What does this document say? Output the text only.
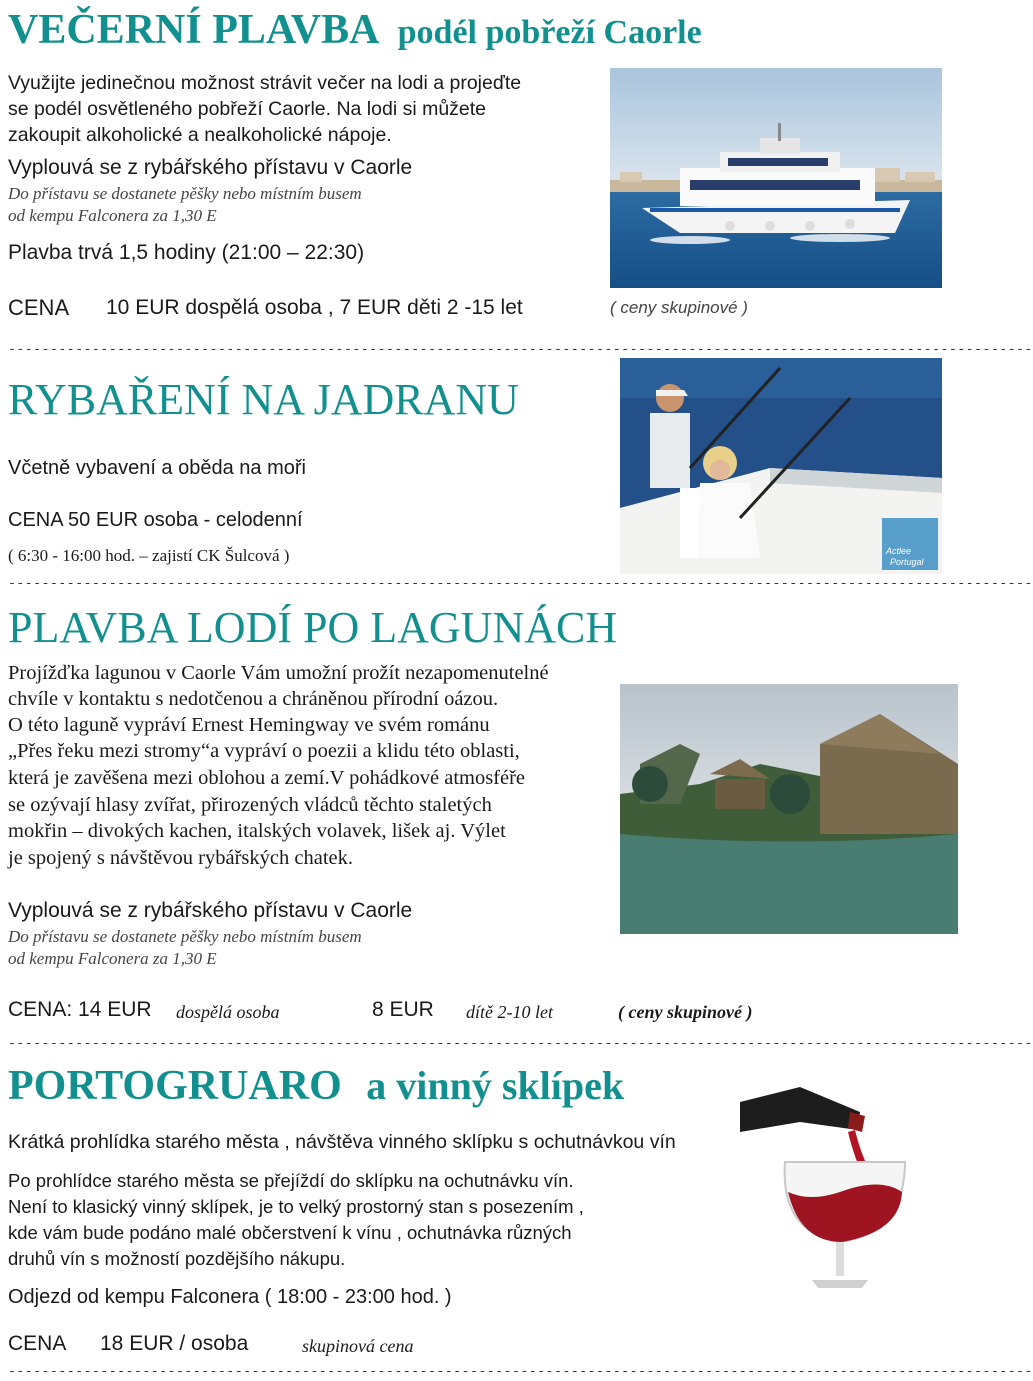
VEČERNÍ PLAVBA podél pobřeží Caorle
Využijte jedinečnou možnost strávit večer na lodi a projeďte
se podél osvětleného pobřeží Caorle. Na lodi si můžete
zakoupit alkoholické a nealkoholické nápoje.
Vyplouvá se z rybářského přístavu v Caorle
Do přístavu se dostanete pěšky nebo místním busem
od kempu Falconera za 1,30 E
Plavba trvá 1,5 hodiny (21:00 – 22:30)
CENA 10 EUR dospělá osoba , 7 EUR děti 2 -15 let	( ceny skupinové )
--------------------------------------------------------------------------------------------------------------------------
RYBAŘENÍ NA JADRANU
Včetně vybavení a oběda na moři
CENA 50 EUR osoba - celodenní
( 6:30 - 16:00 hod. – zajistí CK Šulcová )	Actlee
Portugal
--------------------------------------------------------------------------------------------------------------------------
PLAVBA LODÍ PO LAGUNÁCH
Projížďka lagunou v Caorle Vám umožní prožít nezapomenutelné
chvíle v kontaktu s nedotčenou a chráněnou přírodní oázou.
O této laguně vypráví Ernest Hemingway ve svém románu
„Přes řeku mezi stromy“a vypráví o poezii a klidu této oblasti,
která je zavěšena mezi oblohou a zemí.V pohádkové atmosféře
se ozývají hlasy zvířat, přirozených vládců těchto staletých
mokřin – divokých kachen, italských volavek, lišek aj. Výlet
je spojený s návštěvou rybářských chatek.
Vyplouvá se z rybářského přístavu v Caorle
Do přístavu se dostanete pěšky nebo místním busem
od kempu Falconera za 1,30 E
CENA: 14 EUR dospělá osoba	8 EUR dítě 2-10 let	( ceny skupinové )
--------------------------------------------------------------------------------------------------------------------------
PORTOGRUARO a vinný sklípek
Krátká prohlídka starého města , návštěva vinného sklípku s ochutnávkou vín
Po prohlídce starého města se přejíždí do sklípku na ochutnávku vín.
Není to klasický vinný sklípek, je to velký prostorný stan s posezením ,
kde vám bude podáno malé občerstvení k vínu , ochutnávka různých
druhů vín s možností pozdějšího nákupu.
Odjezd od kempu Falconera ( 18:00 - 23:00 hod. )
CENA 18 EUR / osoba	skupinová cena
--------------------------------------------------------------------------------------------------------------------------
